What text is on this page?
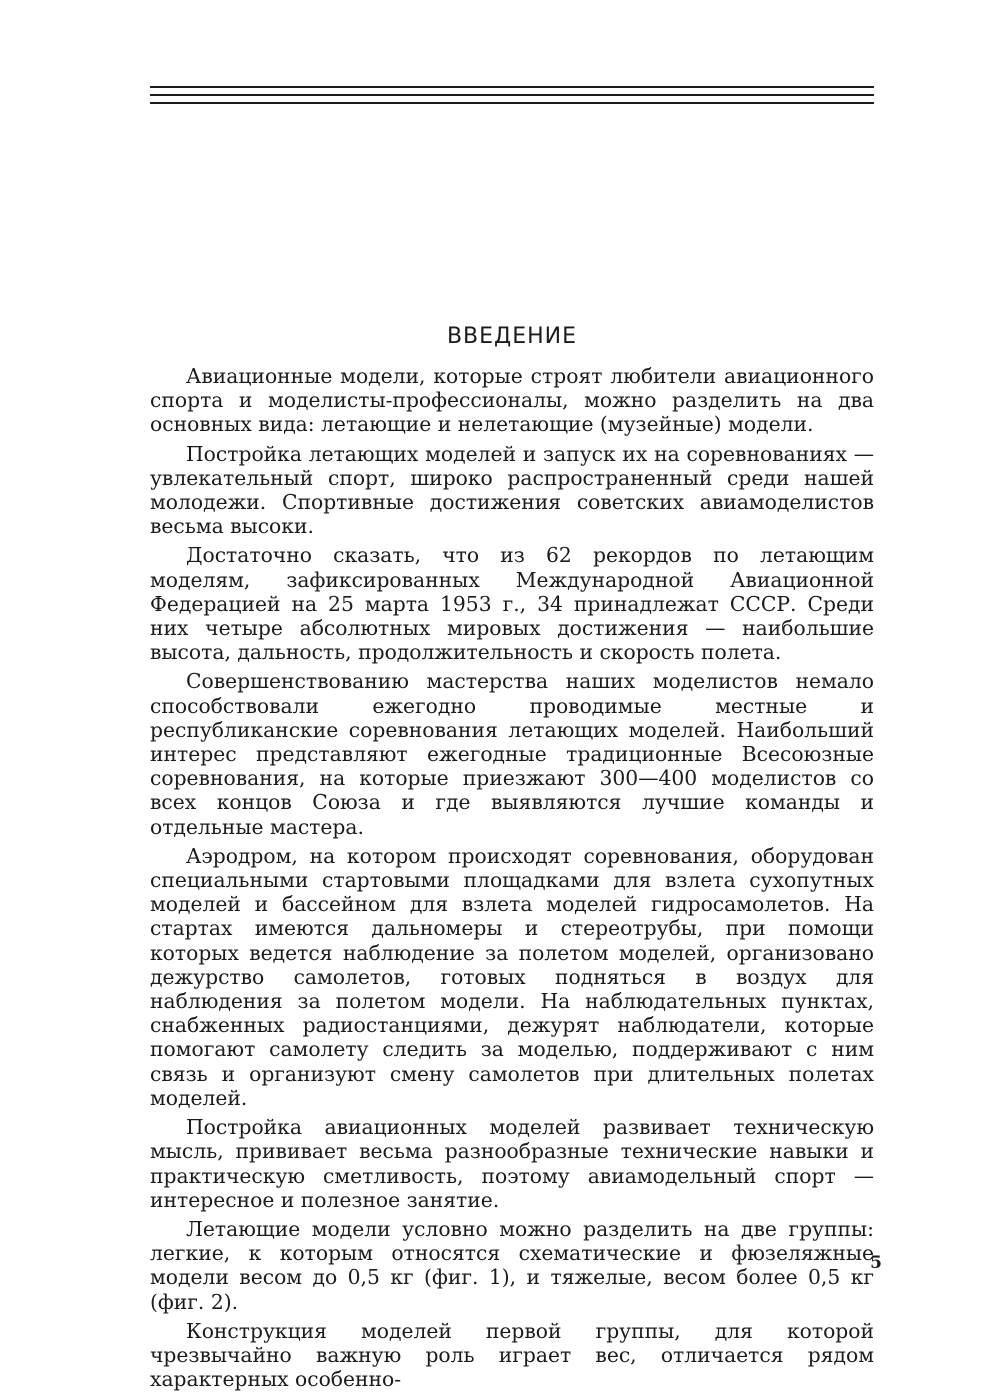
ВВЕДЕНИЕ

Авиационные модели, которые строят любители авиационного спорта и моделисты-профессионалы, можно разделить на два основных вида: летающие и нелетающие (музейные) модели.

Постройка летающих моделей и запуск их на соревнованиях — увлекательный спорт, широко распространенный среди нашей молодежи. Спортивные достижения советских авиамоделистов весьма высоки.

Достаточно сказать, что из 62 рекордов по летающим моделям, зафиксированных Международной Авиационной Федерацией на 25 марта 1953 г., 34 принадлежат СССР. Среди них четыре абсолютных мировых достижения — наибольшие высота, дальность, продолжительность и скорость полета.

Совершенствованию мастерства наших моделистов немало способствовали ежегодно проводимые местные и республиканские соревнования летающих моделей. Наибольший интерес представляют ежегодные традиционные Всесоюзные соревнования, на которые приезжают 300—400 моделистов со всех концов Союза и где выявляются лучшие команды и отдельные мастера.

Аэродром, на котором происходят соревнования, оборудован специальными стартовыми площадками для взлета сухопутных моделей и бассейном для взлета моделей гидросамолетов. На стартах имеются дальномеры и стереотрубы, при помощи которых ведется наблюдение за полетом моделей, организовано дежурство самолетов, готовых подняться в воздух для наблюдения за полетом модели. На наблюдательных пунктах, снабженных радиостанциями, дежурят наблюдатели, которые помогают самолету следить за моделью, поддерживают с ним связь и организуют смену самолетов при длительных полетах моделей.

Постройка авиационных моделей развивает техническую мысль, прививает весьма разнообразные технические навыки и практическую сметливость, поэтому авиамодельный спорт — интересное и полезное занятие.

Летающие модели условно можно разделить на две группы: легкие, к которым относятся схематические и фюзеляжные модели весом до 0,5 кг (фиг. 1), и тяжелые, весом более 0,5 кг (фиг. 2).

Конструкция моделей первой группы, для которой чрезвычайно важную роль играет вес, отличается рядом характерных особенно-

5
